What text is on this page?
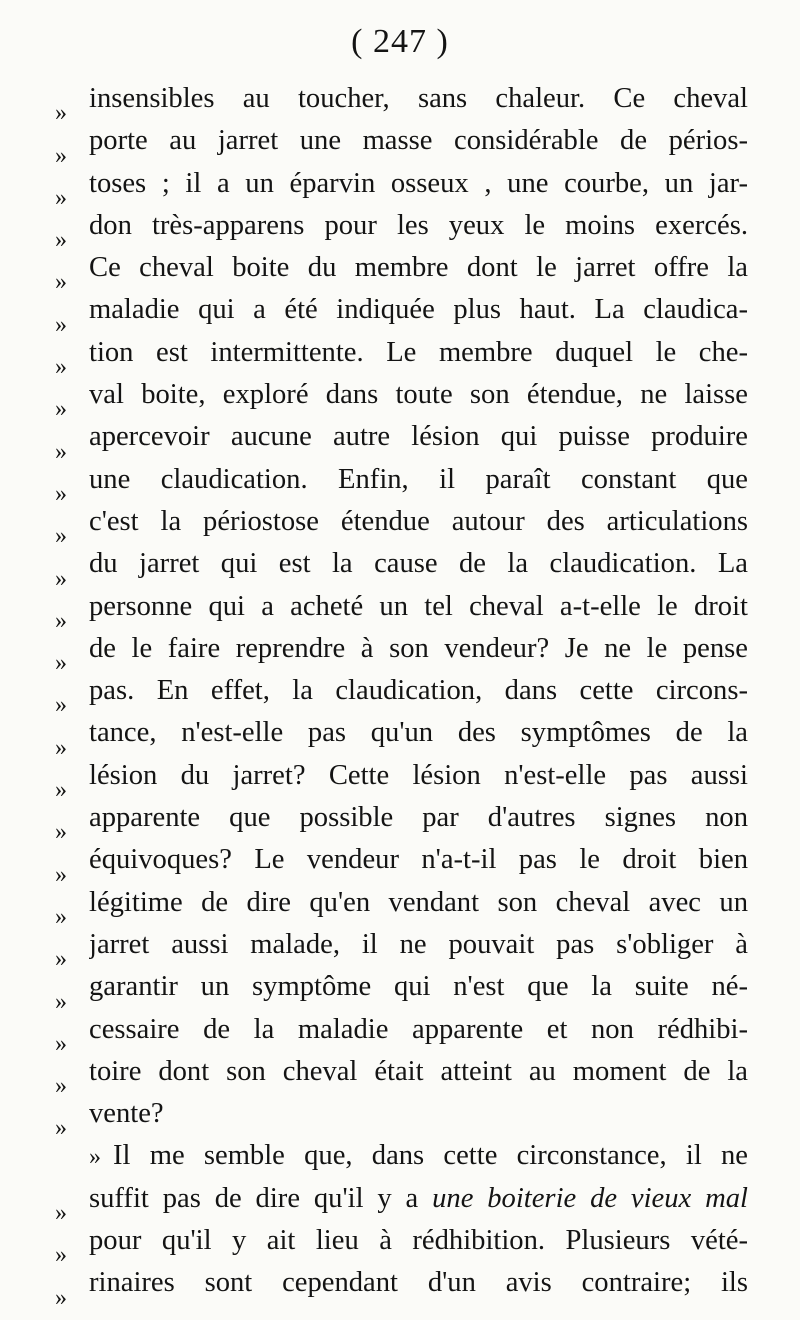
( 247 )
» insensibles au toucher, sans chaleur. Ce cheval
» porte au jarret une masse considérable de périos-
» toses ; il a un éparvin osseux , une courbe, un jar-
» don très-apparens pour les yeux le moins exercés.
» Ce cheval boite du membre dont le jarret offre la
» maladie qui a été indiquée plus haut. La claudica-
» tion est intermittente. Le membre duquel le che-
» val boite, exploré dans toute son étendue, ne laisse
» apercevoir aucune autre lésion qui puisse produire
» une claudication. Enfin, il paraît constant que
» c'est la périostose étendue autour des articulations
» du jarret qui est la cause de la claudication. La
» personne qui a acheté un tel cheval a-t-elle le droit
» de le faire reprendre à son vendeur? Je ne le pense
» pas. En effet, la claudication, dans cette circons-
» tance, n'est-elle pas qu'un des symptômes de la
» lésion du jarret? Cette lésion n'est-elle pas aussi
» apparente que possible par d'autres signes non
» équivoques? Le vendeur n'a-t-il pas le droit bien
» légitime de dire qu'en vendant son cheval avec un
» jarret aussi malade, il ne pouvait pas s'obliger à
» garantir un symptôme qui n'est que la suite né-
» cessaire de la maladie apparente et non rédhibi-
» toire dont son cheval était atteint au moment de la
» vente?
» Il me semble que, dans cette circonstance, il ne
» suffit pas de dire qu'il y a une boiterie de vieux mal
» pour qu'il y ait lieu à rédhibition. Plusieurs vété-
» rinaires sont cependant d'un avis contraire; ils
